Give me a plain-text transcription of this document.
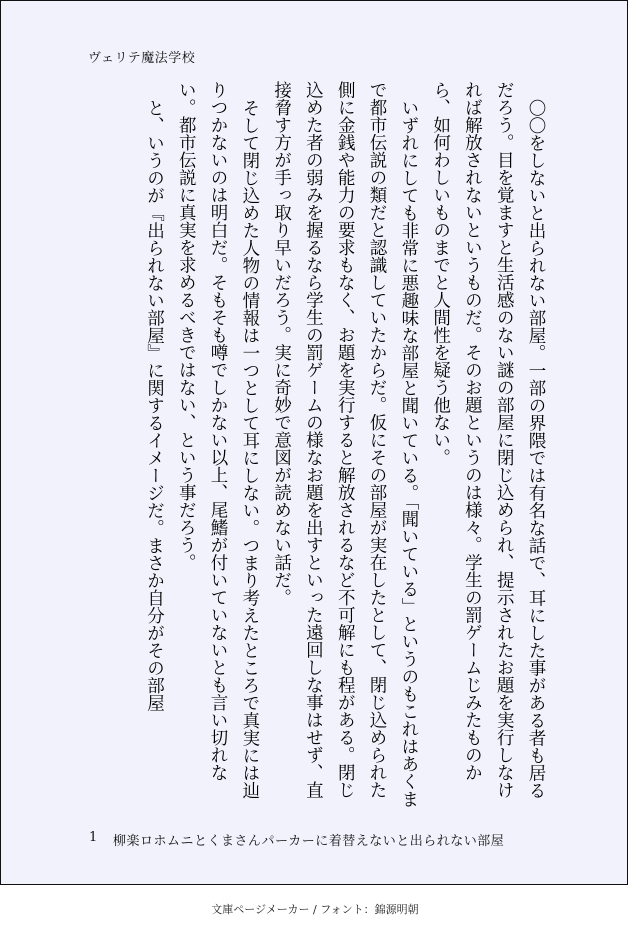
ヴェリテ魔法学校

〇〇をしないと出られない部屋。一部の界隈では有名な話で、耳にした事がある者も居るだろう。目を覚ますと生活感のない謎の部屋に閉じ込められ、提示されたお題を実行しなければ解放されないというものだ。そのお題というのは様々。学生の罰ゲームじみたものから、如何わしいものまでと人間性を疑う他ない。

いずれにしても非常に悪趣味な部屋と聞いている。「聞いている」というのもこれはあくまで都市伝説の類だと認識していたからだ。仮にその部屋が実在したとして、閉じ込められた側に金銭や能力の要求もなく、お題を実行すると解放されるなど不可解にも程がある。閉じ込めた者の弱みを握るなら学生の罰ゲームの様なお題を出すといった遠回しな事はせず、直接脅す方が手っ取り早いだろう。実に奇妙で意図が読めない話だ。

そして閉じ込めた人物の情報は一つとして耳にしない。つまり考えたところで真実には辿りつかないのは明白だ。そもそも噂でしかない以上、尾鰭が付いていないとも言い切れない。都市伝説に真実を求めるべきではない、という事だろう。

と、いうのが『出られない部屋』に関するイメージだ。まさか自分がその部屋

1 柳楽ロホムニとくまさんパーカーに着替えないと出られない部屋
文庫ページメーカー / フォント：錦源明朝
